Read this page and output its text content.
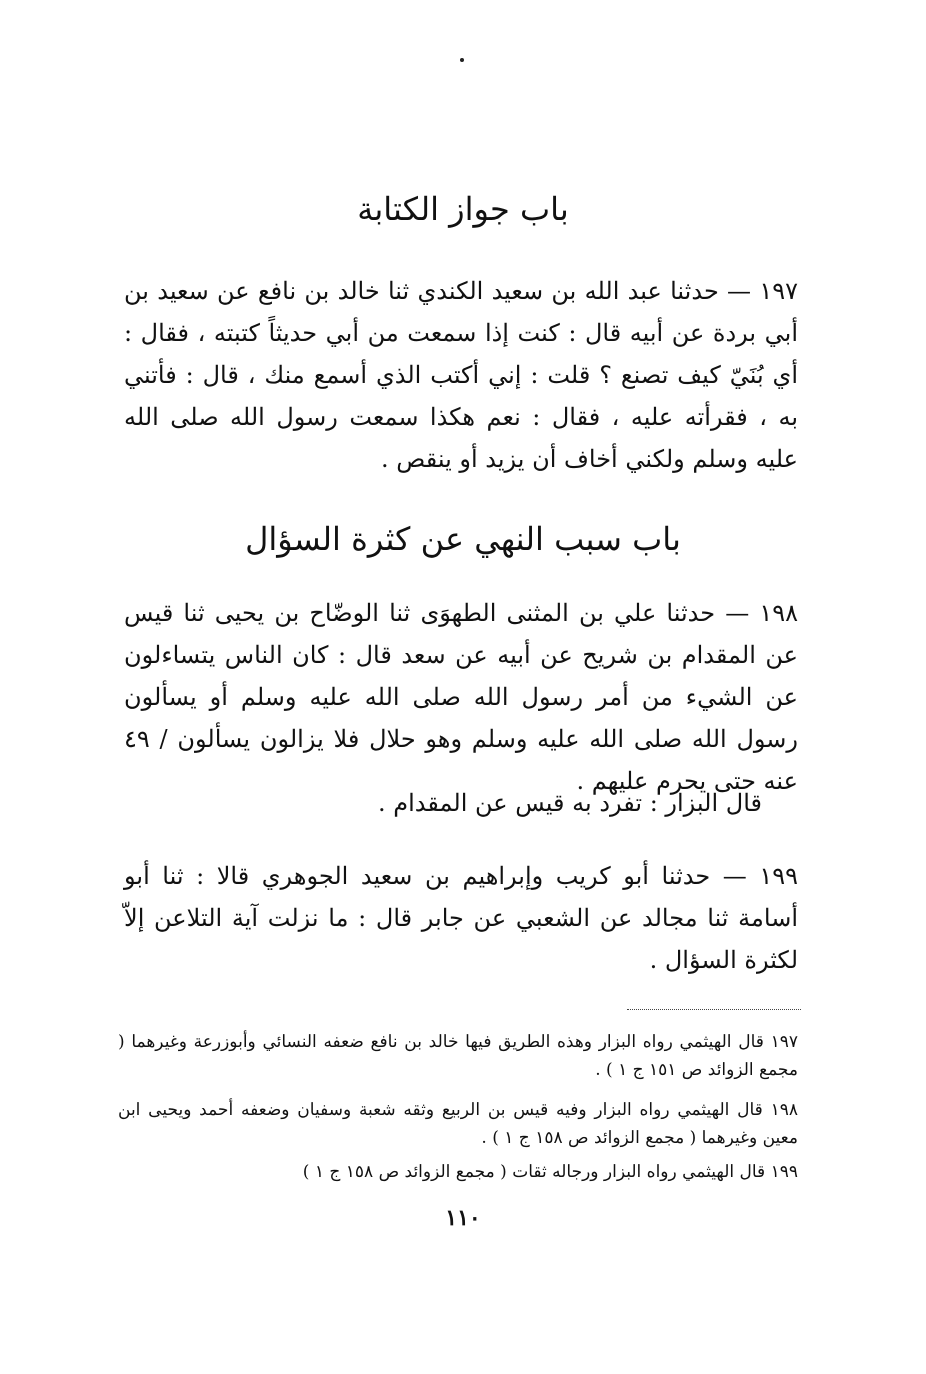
باب جواز الكتابة

١٩٧ — حدثنا عبد الله بن سعيد الكندي ثنا خالد بن نافع عن سعيد بن أبي بردة عن أبيه قال : كنت إذا سمعت من أبي حديثاً كتبته ، فقال : أي بُنَيّ كيف تصنع ؟ قلت : إني أكتب الذي أسمع منك ، قال : فأتني به ، فقرأته عليه ، فقال : نعم هكذا سمعت رسول الله صلى الله عليه وسلم ولكني أخاف أن يزيد أو ينقص .

باب سبب النهي عن كثرة السؤال

١٩٨ — حدثنا علي بن المثنى الطهوَى ثنا الوضّاح بن يحيى ثنا قيس عن المقدام بن شريح عن أبيه عن سعد قال : كان الناس يتساءلون عن الشيء من أمر رسول الله صلى الله عليه وسلم أو يسألون رسول الله صلى الله عليه وسلم وهو حلال فلا يزالون يسألون / ٤٩ عنه حتى يحرم عليهم .

قال البزار : تفرد به قيس عن المقدام .

١٩٩ — حدثنا أبو كريب وإبراهيم بن سعيد الجوهري قالا : ثنا أبو أسامة ثنا مجالد عن الشعبي عن جابر قال : ما نزلت آية التلاعن إلاّ لكثرة السؤال .

١٩٧ قال الهيثمي رواه البزار وهذه الطريق فيها خالد بن نافع ضعفه النسائي وأبوزرعة وغيرهما ( مجمع الزوائد ص ١٥١ ج ١ ) .

١٩٨ قال الهيثمي رواه البزار وفيه قيس بن الربيع وثقه شعبة وسفيان وضعفه أحمد ويحيى ابن معين وغيرهما ( مجمع الزوائد ص ١٥٨ ج ١ ) .

١٩٩ قال الهيثمي رواه البزار ورجاله ثقات ( مجمع الزوائد ص ١٥٨ ج ١ )

١١٠
